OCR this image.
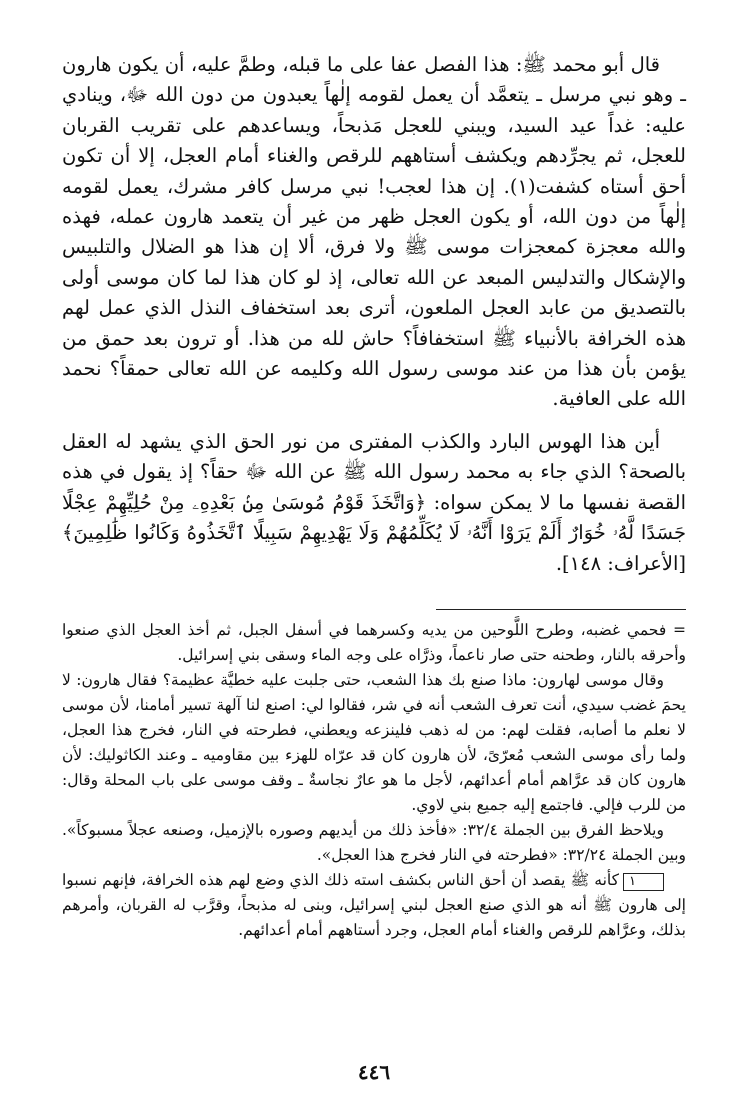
قال أبو محمد ﷺ: هذا الفصل عفا على ما قبله، وطمَّ عليه، أن يكون هارون ـ وهو نبي مرسل ـ يتعمَّد أن يعمل لقومه إلٰهاً يعبدون من دون الله ﷻ، وينادي عليه: غداً عيد السيد، ويبني للعجل مَذبحاً، ويساعدهم على تقريب القربان للعجل، ثم يجرِّدهم ويكشف أستاههم للرقص والغناء أمام العجل، إلا أن تكون أحق أستاه كشفت(١). إن هذا لعجب! نبي مرسل كافر مشرك، يعمل لقومه إلٰهاً من دون الله، أو يكون العجل ظهر من غير أن يتعمد هارون عمله، فهذه والله معجزة كمعجزات موسى ﷺ ولا فرق، ألا إن هذا هو الضلال والتلبيس والإشكال والتدليس المبعد عن الله تعالى، إذ لو كان هذا لما كان موسى أولى بالتصديق من عابد العجل الملعون، أترى بعد استخفاف النذل الذي عمل لهم هذه الخرافة بالأنبياء ﷺ استخفافاً؟ حاش لله من هذا. أو ترون بعد حمق من يؤمن بأن هذا من عند موسى رسول الله وكليمه عن الله تعالى حمقاً؟ نحمد الله على العافية.

أين هذا الهوس البارد والكذب المفترى من نور الحق الذي يشهد له العقل بالصحة؟ الذي جاء به محمد رسول الله ﷺ عن الله ﷻ حقاً؟ إذ يقول في هذه القصة نفسها ما لا يمكن سواه: ﴿وَاتَّخَذَ قَوْمُ مُوسَىٰ مِنۢ بَعْدِهِۦ مِنْ حُلِيِّهِمْ عِجْلًا جَسَدًا لَّهُۥ خُوَارٌ أَلَمْ يَرَوْا أَنَّهُۥ لَا يُكَلِّمُهُمْ وَلَا يَهْدِيهِمْ سَبِيلًا ٱتَّخَذُوهُ وَكَانُوا ظَٰلِمِينَ﴾ [الأعراف: ١٤٨].

= فحمي غضبه، وطرح اللَّوحين من يديه وكسرهما في أسفل الجبل، ثم أخذ العجل الذي صنعوا وأحرقه بالنار، وطحنه حتى صار ناعماً، وذرَّاه على وجه الماء وسقى بني إسرائيل.

وقال موسى لهارون: ماذا صنع بك هذا الشعب، حتى جلبت عليه خطيَّة عظيمة؟ فقال هارون: لا يحمَ غضب سيدي، أنت تعرف الشعب أنه في شر، فقالوا لي: اصنع لنا آلهة تسير أمامنا، لأن موسى لا نعلم ما أصابه، فقلت لهم: من له ذهب فلينزعه ويعطني، فطرحته في النار، فخرج هذا العجل، ولما رأى موسى الشعب مُعرّىً، لأن هارون كان قد عرّاه للهزء بين مقاوميه ـ وعند الكاثوليك: لأن هارون كان قد عرَّاهم أمام أعدائهم، لأجل ما هو عارٌ نجاسةٌ ـ وقف موسى على باب المحلة وقال: من للرب فإلي. فاجتمع إليه جميع بني لاوي.

ويلاحظ الفرق بين الجملة ٣٢/٤: «فأخذ ذلك من أيديهم وصوره بالإزميل، وصنعه عجلاً مسبوكاً». وبين الجملة ٣٢/٢٤: «فطرحته في النار فخرج هذا العجل».

١كأنه ﷺ يقصد أن أحق الناس بكشف استه ذلك الذي وضع لهم هذه الخرافة، فإنهم نسبوا إلى هارون ﷺ أنه هو الذي صنع العجل لبني إسرائيل، وبنى له مذبحاً، وقرَّب له القربان، وأمرهم بذلك، وعرَّاهم للرقص والغناء أمام العجل، وجرد أستاههم أمام أعدائهم.

٤٤٦
